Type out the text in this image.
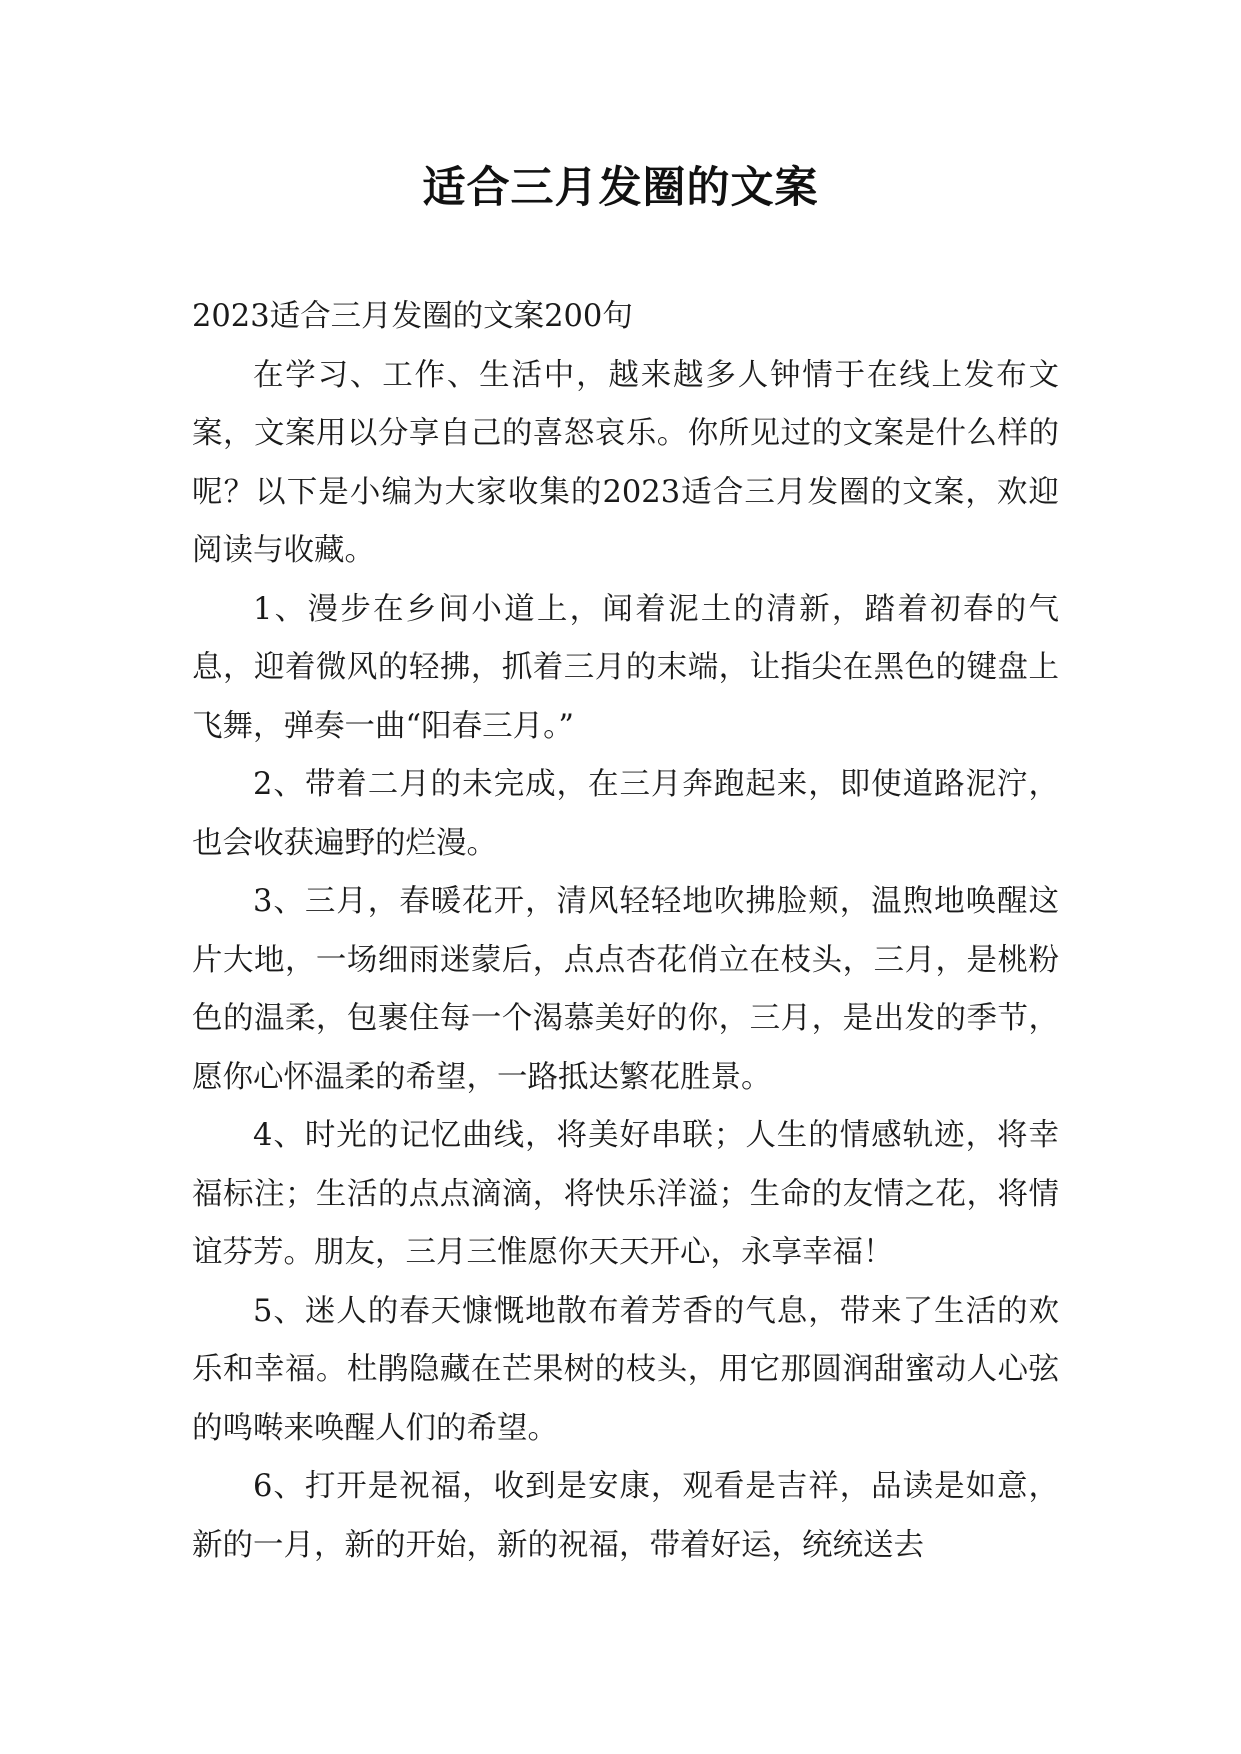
适合三月发圈的文案

2023适合三月发圈的文案200句

在学习、工作、生活中，越来越多人钟情于在线上发布文案，文案用以分享自己的喜怒哀乐。你所见过的文案是什么样的呢？以下是小编为大家收集的2023适合三月发圈的文案，欢迎阅读与收藏。

1、漫步在乡间小道上，闻着泥土的清新，踏着初春的气息，迎着微风的轻拂，抓着三月的末端，让指尖在黑色的键盘上飞舞，弹奏一曲“阳春三月。”

2、带着二月的未完成，在三月奔跑起来，即使道路泥泞，也会收获遍野的烂漫。

3、三月，春暖花开，清风轻轻地吹拂脸颊，温煦地唤醒这片大地，一场细雨迷蒙后，点点杏花俏立在枝头，三月，是桃粉色的温柔，包裹住每一个渴慕美好的你，三月，是出发的季节，愿你心怀温柔的希望，一路抵达繁花胜景。

4、时光的记忆曲线，将美好串联；人生的情感轨迹，将幸福标注；生活的点点滴滴，将快乐洋溢；生命的友情之花，将情谊芬芳。朋友，三月三惟愿你天天开心，永享幸福！

5、迷人的春天慷慨地散布着芳香的气息，带来了生活的欢乐和幸福。杜鹃隐藏在芒果树的枝头，用它那圆润甜蜜动人心弦的鸣啭来唤醒人们的希望。

6、打开是祝福，收到是安康，观看是吉祥，品读是如意，新的一月，新的开始，新的祝福，带着好运，统统送去
